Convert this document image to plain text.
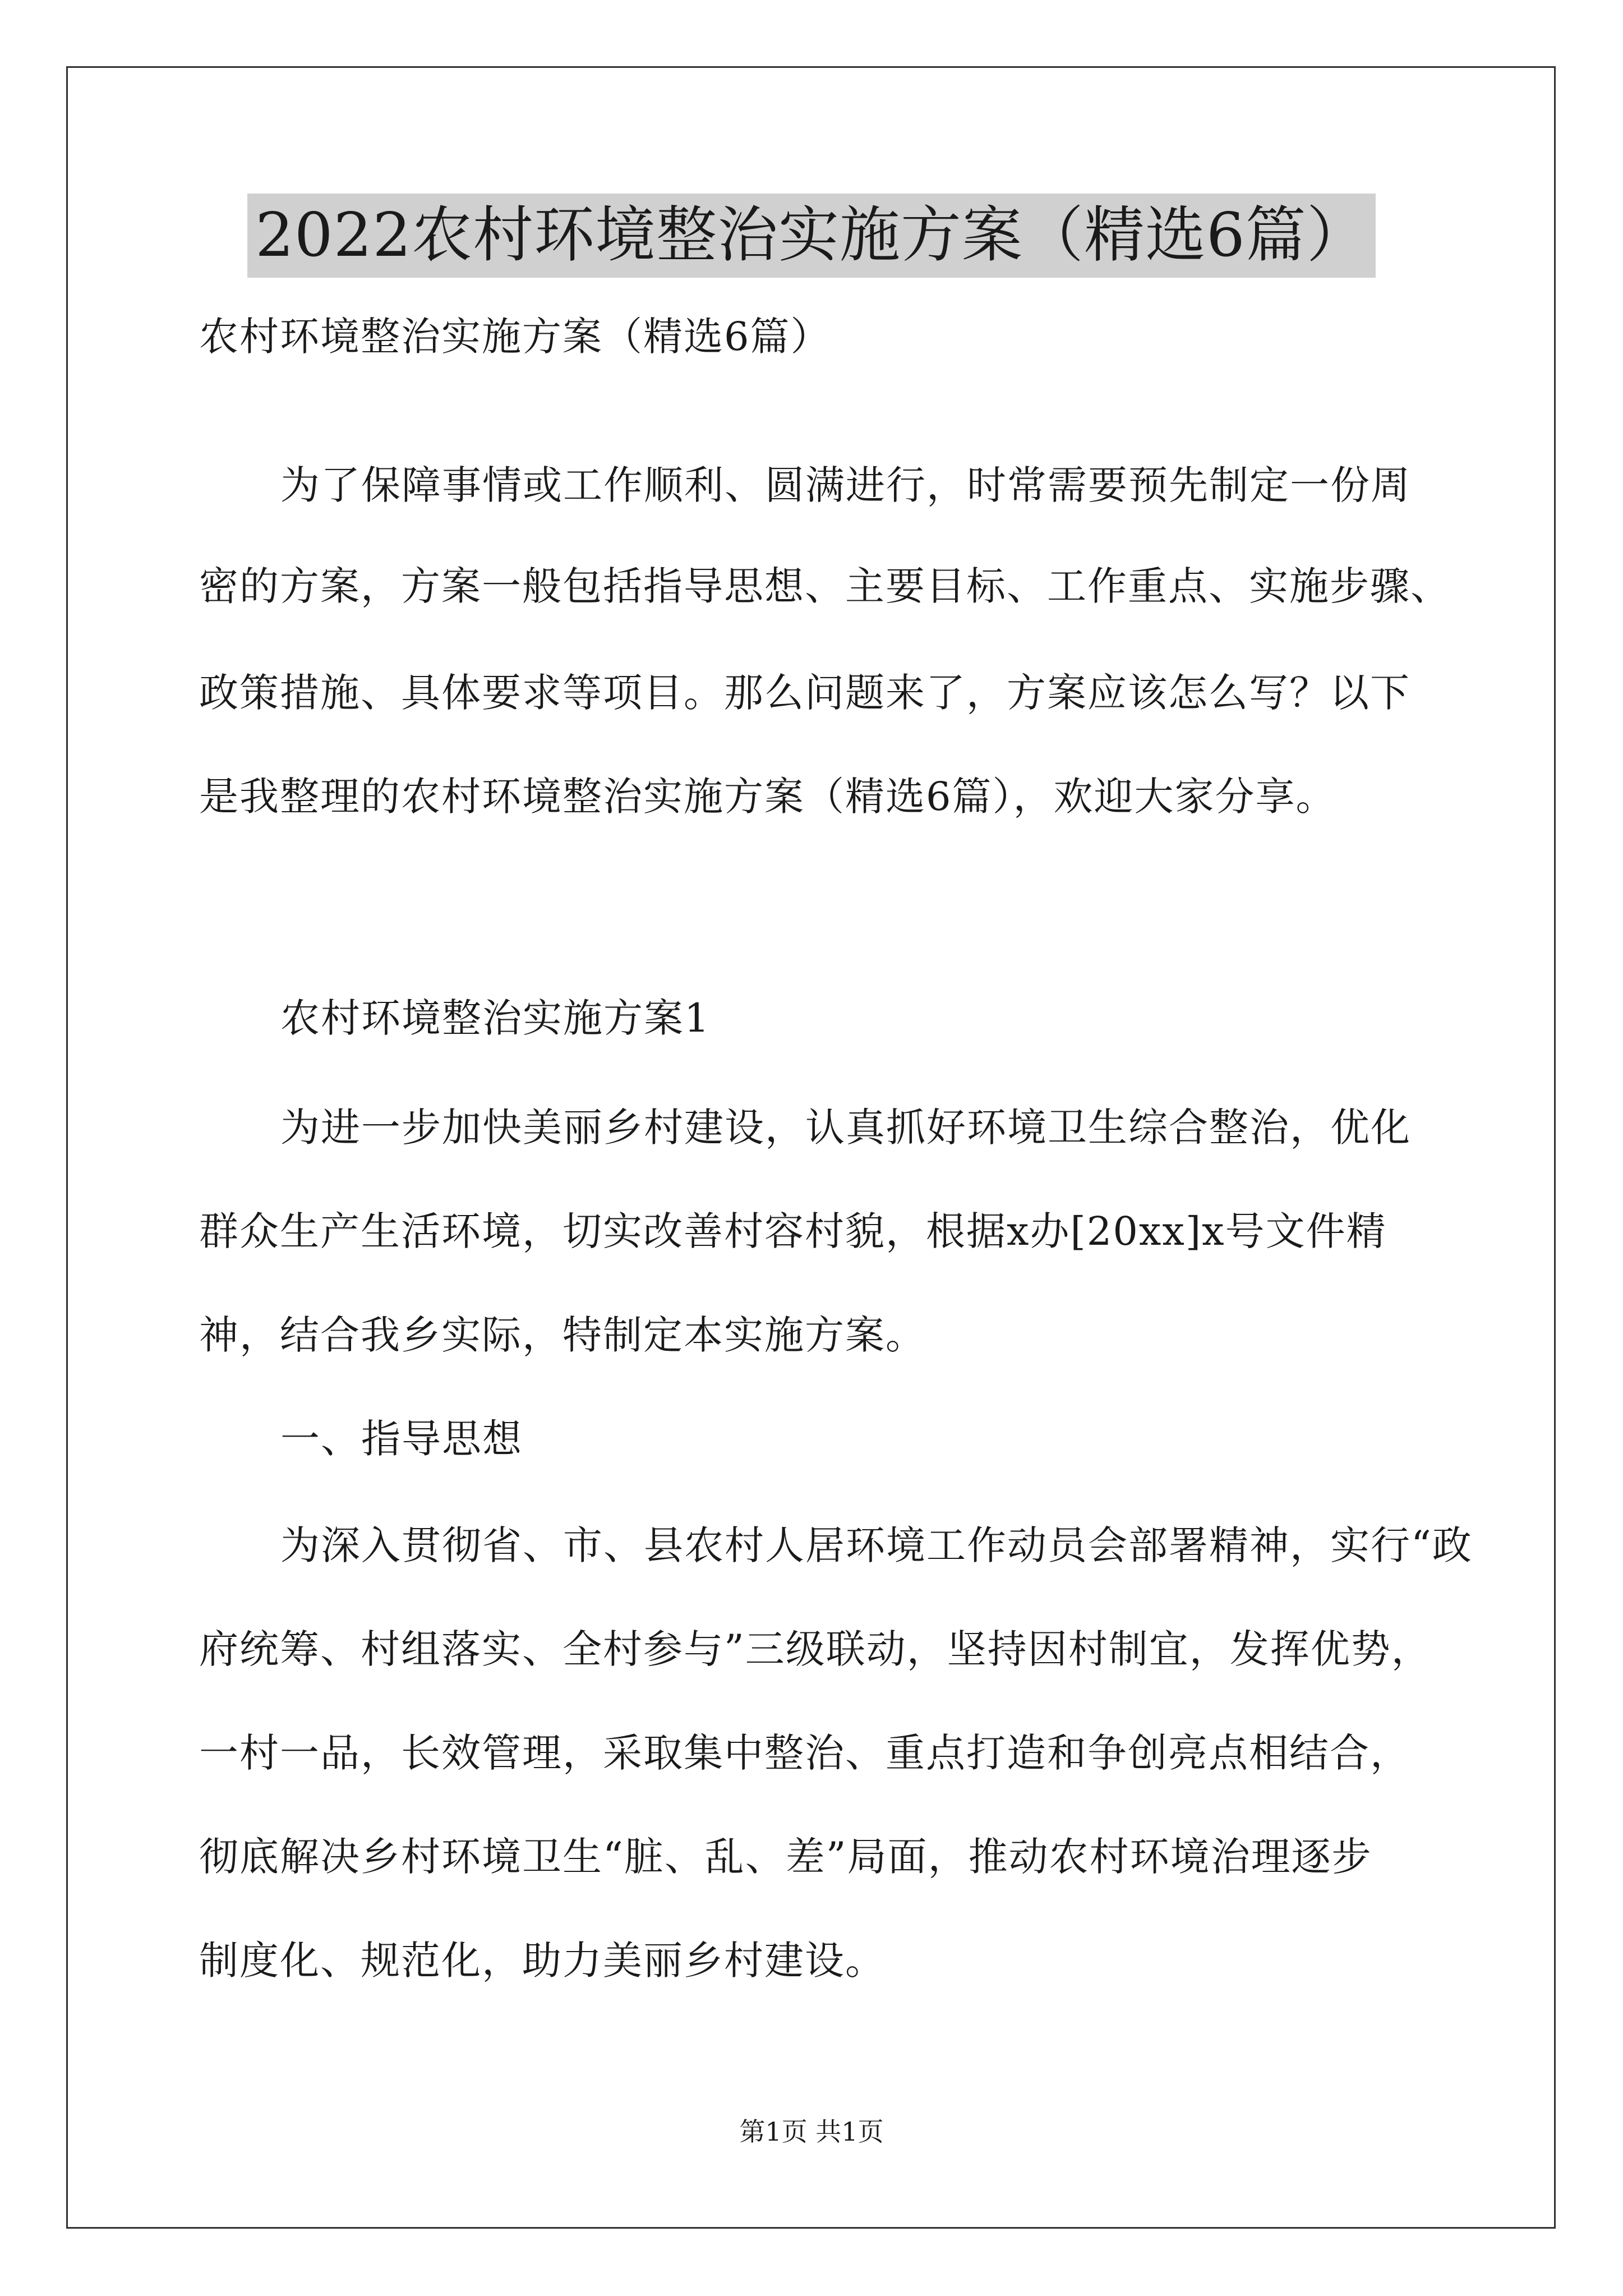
2022农村环境整治实施方案（精选6篇）
农村环境整治实施方案（精选6篇）
为了保障事情或工作顺利、圆满进行，时常需要预先制定一份周
密的方案，方案一般包括指导思想、主要目标、工作重点、实施步骤、
政策措施、具体要求等项目。那么问题来了，方案应该怎么写？以下
是我整理的农村环境整治实施方案（精选6篇），欢迎大家分享。
农村环境整治实施方案1
为进一步加快美丽乡村建设，认真抓好环境卫生综合整治，优化
群众生产生活环境，切实改善村容村貌，根据x办[20xx]x号文件精
神，结合我乡实际，特制定本实施方案。
一、指导思想
为深入贯彻省、市、县农村人居环境工作动员会部署精神，实行“政
府统筹、村组落实、全村参与”三级联动，坚持因村制宜，发挥优势，
一村一品，长效管理，采取集中整治、重点打造和争创亮点相结合，
彻底解决乡村环境卫生“脏、乱、差”局面，推动农村环境治理逐步
制度化、规范化，助力美丽乡村建设。
第1页 共1页
